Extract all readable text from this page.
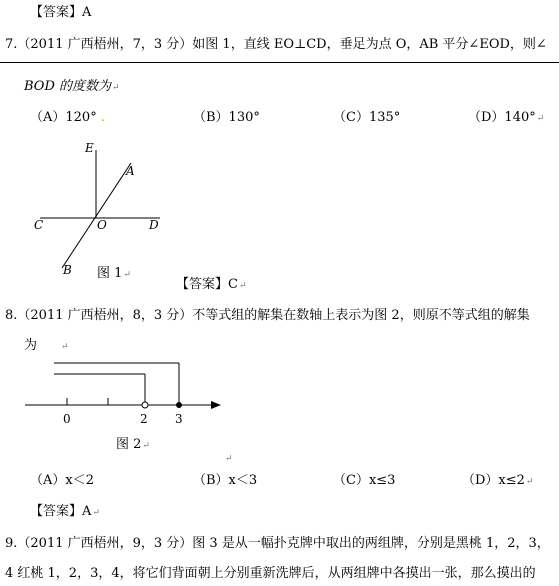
【答案】A
7.（2011 广西梧州，7，3 分）如图 1，直线 EO⊥CD，垂足为点 O，AB 平分∠EOD，则∠
BOD 的度数为↵
（A）120° .	（B）130°	（C）135°	（D）140°↵
E
A
C	O	D
B 图 1↵
【答案】C↵
8.（2011 广西梧州，8，3 分）不等式组的解集在数轴上表示为图 2，则原不等式组的解集
为	↵
0	2 3
图 2↵
↵
（A）x＜2	（B）x＜3	（C）x≤3	（D）x≤2↵
【答案】A↵
9.（2011 广西梧州，9，3 分）图 3 是从一幅扑克牌中取出的两组牌，分别是黑桃 1，2，3，
4 红桃 1，2，3，4，将它们背面朝上分别重新洗牌后，从两组牌中各摸出一张，那么摸出的
